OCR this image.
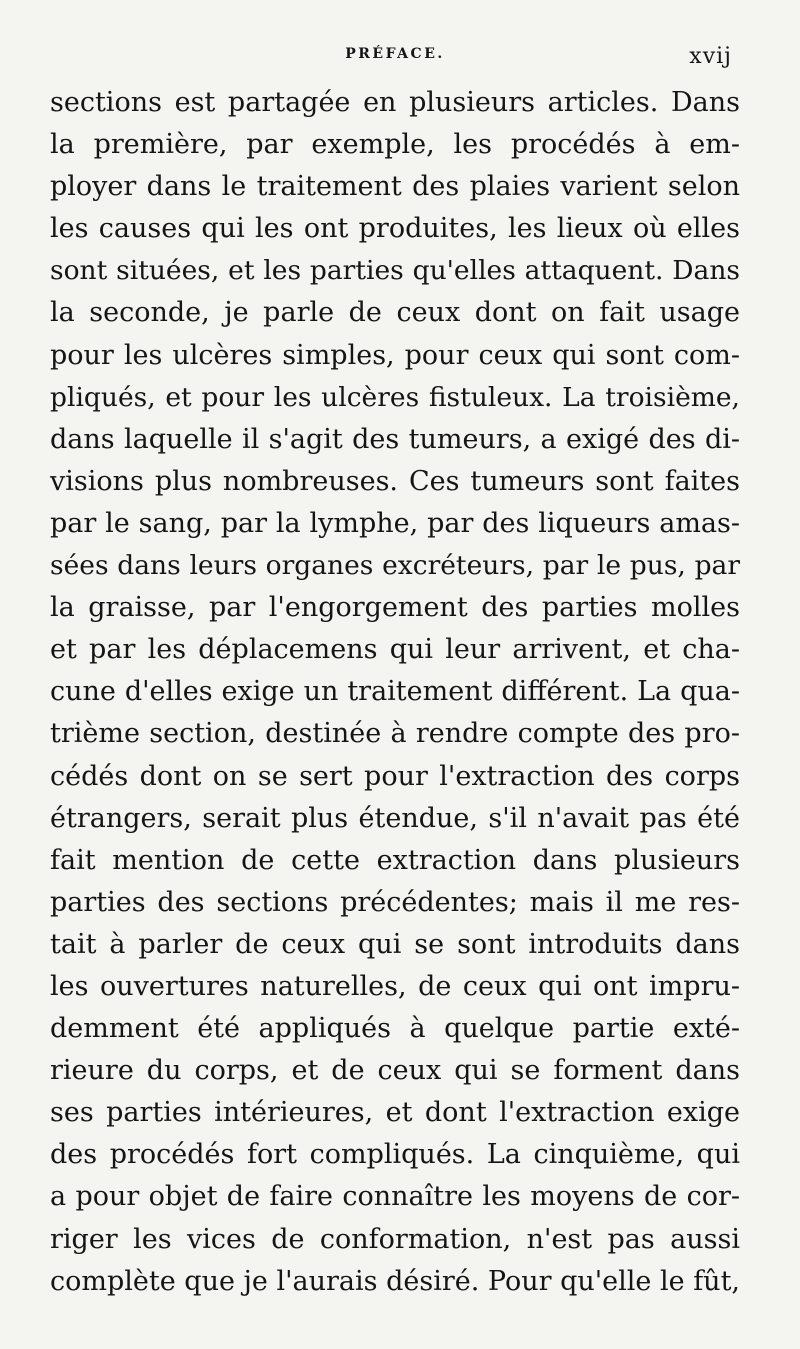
PRÉFACE.	xvij
sections est partagée en plusieurs articles. Dans
la première, par exemple, les procédés à em-
ployer dans le traitement des plaies varient selon
les causes qui les ont produites, les lieux où elles
sont situées, et les parties qu'elles attaquent. Dans
la seconde, je parle de ceux dont on fait usage
pour les ulcères simples, pour ceux qui sont com-
pliqués, et pour les ulcères fistuleux. La troisième,
dans laquelle il s'agit des tumeurs, a exigé des di-
visions plus nombreuses. Ces tumeurs sont faites
par le sang, par la lymphe, par des liqueurs amas-
sées dans leurs organes excréteurs, par le pus, par
la graisse, par l'engorgement des parties molles
et par les déplacemens qui leur arrivent, et cha-
cune d'elles exige un traitement différent. La qua-
trième section, destinée à rendre compte des pro-
cédés dont on se sert pour l'extraction des corps
étrangers, serait plus étendue, s'il n'avait pas été
fait mention de cette extraction dans plusieurs
parties des sections précédentes; mais il me res-
tait à parler de ceux qui se sont introduits dans
les ouvertures naturelles, de ceux qui ont impru-
demment été appliqués à quelque partie exté-
rieure du corps, et de ceux qui se forment dans
ses parties intérieures, et dont l'extraction exige
des procédés fort compliqués. La cinquième, qui
a pour objet de faire connaître les moyens de cor-
riger les vices de conformation, n'est pas aussi
complète que je l'aurais désiré. Pour qu'elle le fût,
